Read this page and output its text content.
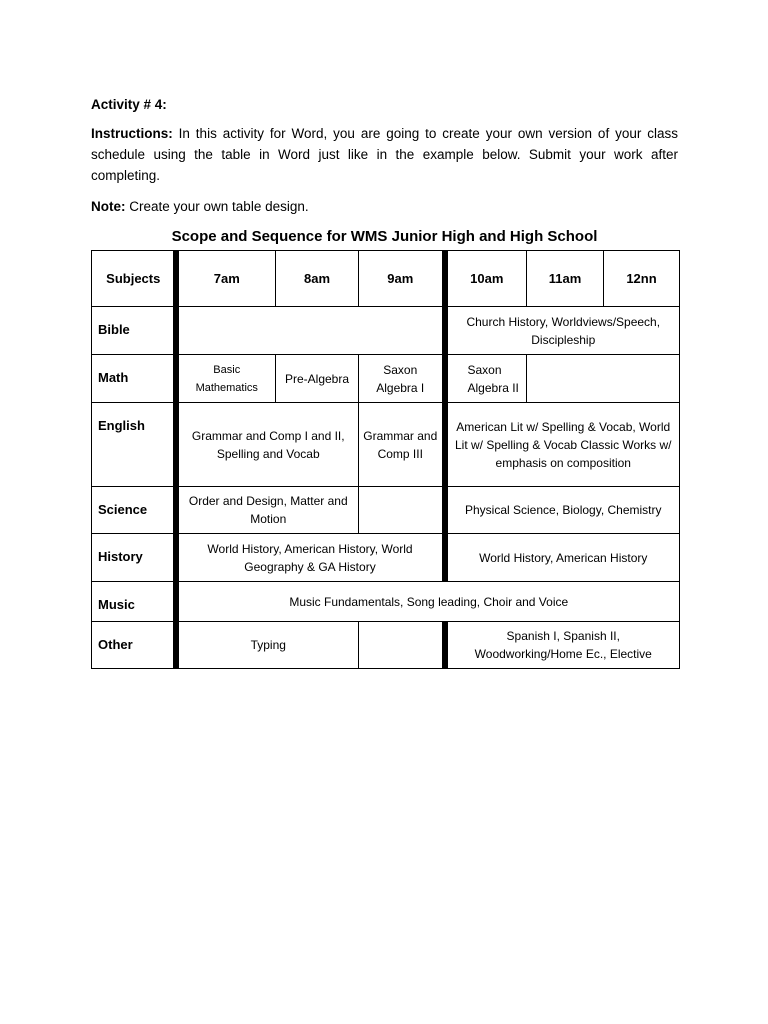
Activity # 4:
Instructions: In this activity for Word, you are going to create your own version of your class schedule using the table in Word just like in the example below. Submit your work after completing.
Note: Create your own table design.
Scope and Sequence for WMS Junior High and High School
Subjects	7am	8am	9am	10am	11am	12nn
Bible				Church History, Worldviews/Speech, Discipleship		
Math	Basic Mathematics	Pre-Algebra	Saxon Algebra I	Saxon Algebra II		
English	Grammar and Comp I and II, Spelling and Vocab		Grammar and Comp III	American Lit w/ Spelling & Vocab, World Lit w/ Spelling & Vocab Classic Works w/ emphasis on composition		
Science	Order and Design, Matter and Motion			Physical Science, Biology, Chemistry		
History	World History, American History, World Geography & GA History			World History, American History		
Music	Music Fundamentals, Song leading, Choir and Voice					
Other	Typing			Spanish I, Spanish II, Woodworking/Home Ec., Elective		
